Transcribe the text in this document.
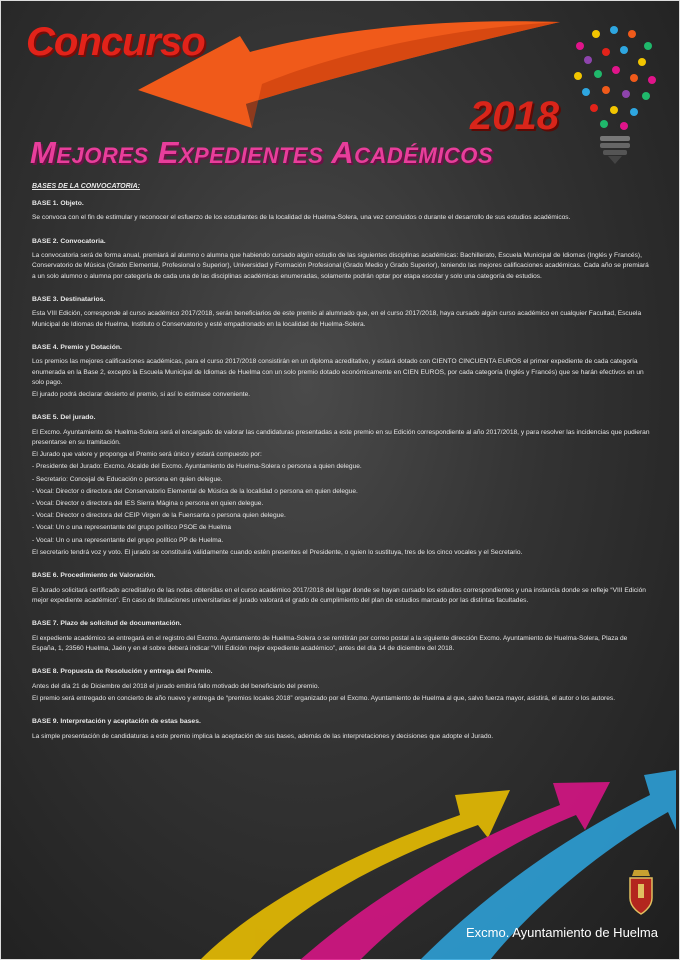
Concurso
2018
Mejores Expedientes Académicos
BASES DE LA CONVOCATORIA:
BASE 1. Objeto.

Se convoca con el fin de estimular y reconocer el esfuerzo de los estudiantes de la localidad de Huelma-Solera, una vez concluidos o durante el desarrollo de sus estudios académicos.

BASE 2. Convocatoria.

La convocatoria será de forma anual, premiará al alumno o alumna que habiendo cursado algún estudio de las siguientes disciplinas académicas: Bachillerato, Escuela Municipal de Idiomas (Inglés y Francés), Conservatorio de Música (Grado Elemental, Profesional o Superior), Universidad y Formación Profesional (Grado Medio y Grado Superior), teniendo las mejores calificaciones académicas. Cada año se premiará a un solo alumno o alumna por categoría de cada una de las disciplinas académicas enumeradas, solamente podrán optar por etapa escolar y solo una categoría de estudios.

BASE 3. Destinatarios.

Esta VIII Edición, corresponde al curso académico 2017/2018, serán beneficiarios de este premio al alumnado que, en el curso 2017/2018, haya cursado algún curso académico en cualquier Facultad, Escuela Municipal de Idiomas de Huelma, Instituto o Conservatorio y esté empadronado en la localidad de Huelma-Solera.

BASE 4. Premio y Dotación.

Los premios las mejores calificaciones académicas, para el curso 2017/2018 consistirán en un diploma acreditativo, y estará dotado con CIENTO CINCUENTA EUROS el primer expediente de cada categoría enumerada en la Base 2, excepto la Escuela Municipal de Idiomas de Huelma con un solo premio dotado económicamente en CIEN EUROS, por cada categoría (Inglés y Francés) que se harán efectivos en un solo pago.

El jurado podrá declarar desierto el premio, si así lo estimase conveniente.

BASE 5. Del jurado.

El Excmo. Ayuntamiento de Huelma-Solera será el encargado de valorar las candidaturas presentadas a este premio en su Edición correspondiente al año 2017/2018, y para resolver las incidencias que pudieran presentarse en su tramitación.

El Jurado que valore y proponga el Premio será único y estará compuesto por:

- Presidente del Jurado: Excmo. Alcalde del Excmo. Ayuntamiento de Huelma-Solera o persona a quien delegue.

- Secretario: Concejal de Educación o persona en quien delegue.

- Vocal: Director o directora del Conservatorio Elemental de Música de la localidad o persona en quien delegue.

- Vocal: Director o directora del IES Sierra Mágina o persona en quien delegue.

- Vocal: Director o directora del CEIP Virgen de la Fuensanta o persona quien delegue.

- Vocal: Un o una representante del grupo político PSOE de Huelma

- Vocal: Un o una representante del grupo político PP de Huelma.

El secretario tendrá voz y voto. El jurado se constituirá válidamente cuando estén presentes el Presidente, o quien lo sustituya, tres de los cinco vocales y el Secretario.

BASE 6. Procedimiento de Valoración.

El Jurado solicitará certificado acreditativo de las notas obtenidas en el curso académico 2017/2018 del lugar donde se hayan cursado los estudios correspondientes y una instancia donde se refleje “VIII Edición mejor expediente académico”. En caso de titulaciones universitarias el jurado valorará el grado de cumplimiento del plan de estudios marcado por las distintas facultades.

BASE 7. Plazo de solicitud de documentación.

El expediente académico se entregará en el registro del Excmo. Ayuntamiento de Huelma-Solera o se remitirán por correo postal a la siguiente dirección Excmo. Ayuntamiento de Huelma-Solera, Plaza de España, 1, 23560 Huelma, Jaén y en el sobre deberá indicar “VIII Edición mejor expediente académico”, antes del día 14 de diciembre del 2018.

BASE 8. Propuesta de Resolución y entrega del Premio.

Antes del día 21 de Diciembre del 2018 el jurado emitirá fallo motivado del beneficiario del premio.

El premio será entregado en concierto de año nuevo y entrega de “premios locales 2018” organizado por el Excmo. Ayuntamiento de Huelma al que, salvo fuerza mayor, asistirá, el autor o los autores.

BASE 9. Interpretación y aceptación de estas bases.

La simple presentación de candidaturas a este premio implica la aceptación de sus bases, además de las interpretaciones y decisiones que adopte el Jurado.

Excmo. Ayuntamiento de Huelma
